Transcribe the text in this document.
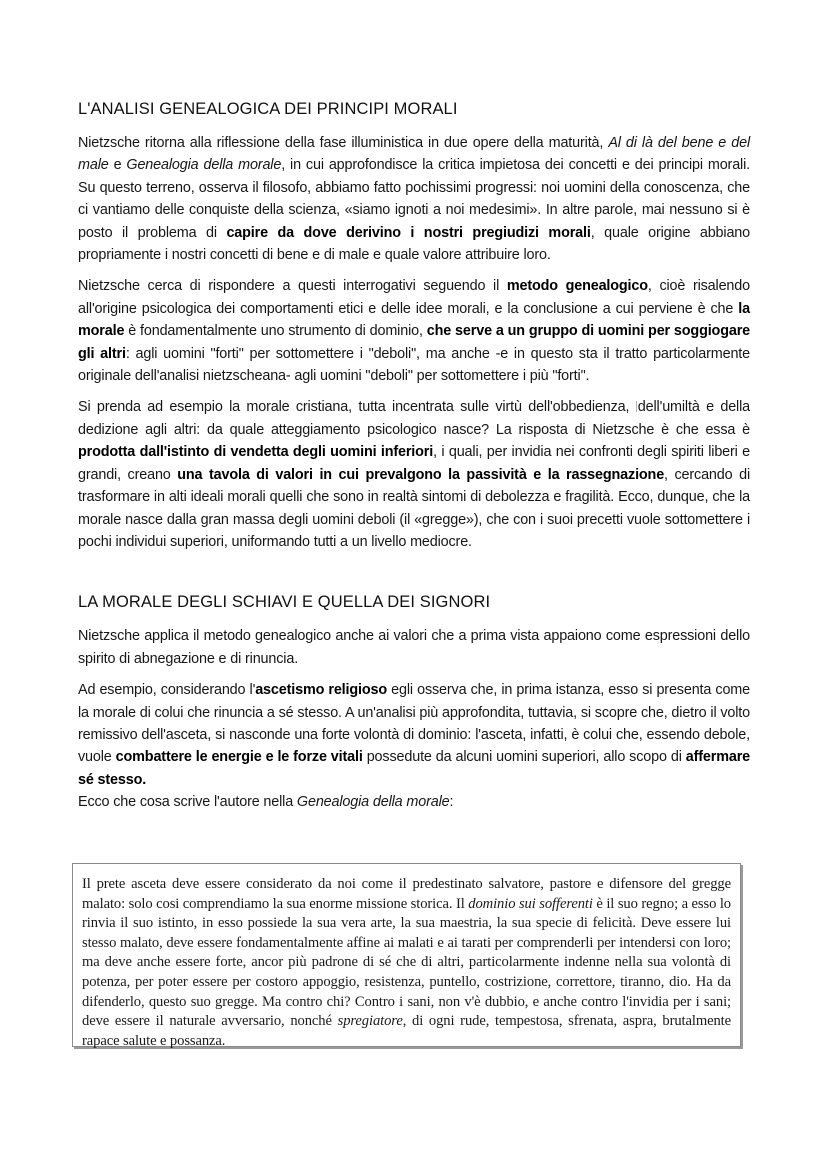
L'ANALISI GENEALOGICA DEI PRINCIPI MORALI

Nietzsche ritorna alla riflessione della fase illuministica in due opere della maturità, Al di là del bene e del male e Genealogia della morale, in cui approfondisce la critica impietosa dei concetti e dei principi morali. Su questo terreno, osserva il filosofo, abbiamo fatto pochissimi progressi: noi uomini della conoscenza, che ci vantiamo delle conquiste della scienza, «siamo ignoti a noi medesimi». In altre parole, mai nessuno si è posto il problema di capire da dove derivino i nostri pregiudizi morali, quale origine abbiano propriamente i nostri concetti di bene e di male e quale valore attribuire loro.

Nietzsche cerca di rispondere a questi interrogativi seguendo il metodo genealogico, cioè risalendo all'origine psicologica dei comportamenti etici e delle idee morali, e la conclusione a cui perviene è che la morale è fondamentalmente uno strumento di dominio, che serve a un gruppo di uomini per soggiogare gli altri: agli uomini "forti" per sottomettere i "deboli", ma anche -e in questo sta il tratto particolarmente originale dell'analisi nietzscheana- agli uomini "deboli" per sottomettere i più "forti".

Si prenda ad esempio la morale cristiana, tutta incentrata sulle virtù dell'obbedienza, dell'umiltà e della dedizione agli altri: da quale atteggiamento psicologico nasce? La risposta di Nietzsche è che essa è prodotta dall'istinto di vendetta degli uomini inferiori, i quali, per invidia nei confronti degli spiriti liberi e grandi, creano una tavola di valori in cui prevalgono la passività e la rassegnazione, cercando di trasformare in alti ideali morali quelli che sono in realtà sintomi di debolezza e fragilità. Ecco, dunque, che la morale nasce dalla gran massa degli uomini deboli (il «gregge»), che con i suoi precetti vuole sottomettere i pochi individui superiori, uniformando tutti a un livello mediocre.

LA MORALE DEGLI SCHIAVI E QUELLA DEI SIGNORI

Nietzsche applica il metodo genealogico anche ai valori che a prima vista appaiono come espressioni dello spirito di abnegazione e di rinuncia.

Ad esempio, considerando l'ascetismo religioso egli osserva che, in prima istanza, esso si presenta come la morale di colui che rinuncia a sé stesso. A un'analisi più approfondita, tuttavia, si scopre che, dietro il volto remissivo dell'asceta, si nasconde una forte volontà di dominio: l'asceta, infatti, è colui che, essendo debole, vuole combattere le energie e le forze vitali possedute da alcuni uomini superiori, allo scopo di affermare sé stesso.

Ecco che cosa scrive l'autore nella Genealogia della morale:

Il prete asceta deve essere considerato da noi come il predestinato salvatore, pastore e difensore del gregge malato: solo cosi comprendiamo la sua enorme missione storica. Il dominio sui sofferenti è il suo regno; a esso lo rinvia il suo istinto, in esso possiede la sua vera arte, la sua maestria, la sua specie di felicità. Deve essere lui stesso malato, deve essere fondamentalmente affine ai malati e ai tarati per comprenderli per intendersi con loro; ma deve anche essere forte, ancor più padrone di sé che di altri, particolarmente indenne nella sua volontà di potenza, per poter essere per costoro appoggio, resistenza, puntello, costrizione, correttore, tiranno, dio. Ha da difenderlo, questo suo gregge. Ma contro chi? Contro i sani, non v'è dubbio, e anche contro l'invidia per i sani; deve essere il naturale avversario, nonché spregiatore, di ogni rude, tempestosa, sfrenata, aspra, brutalmente rapace salute e possanza.
